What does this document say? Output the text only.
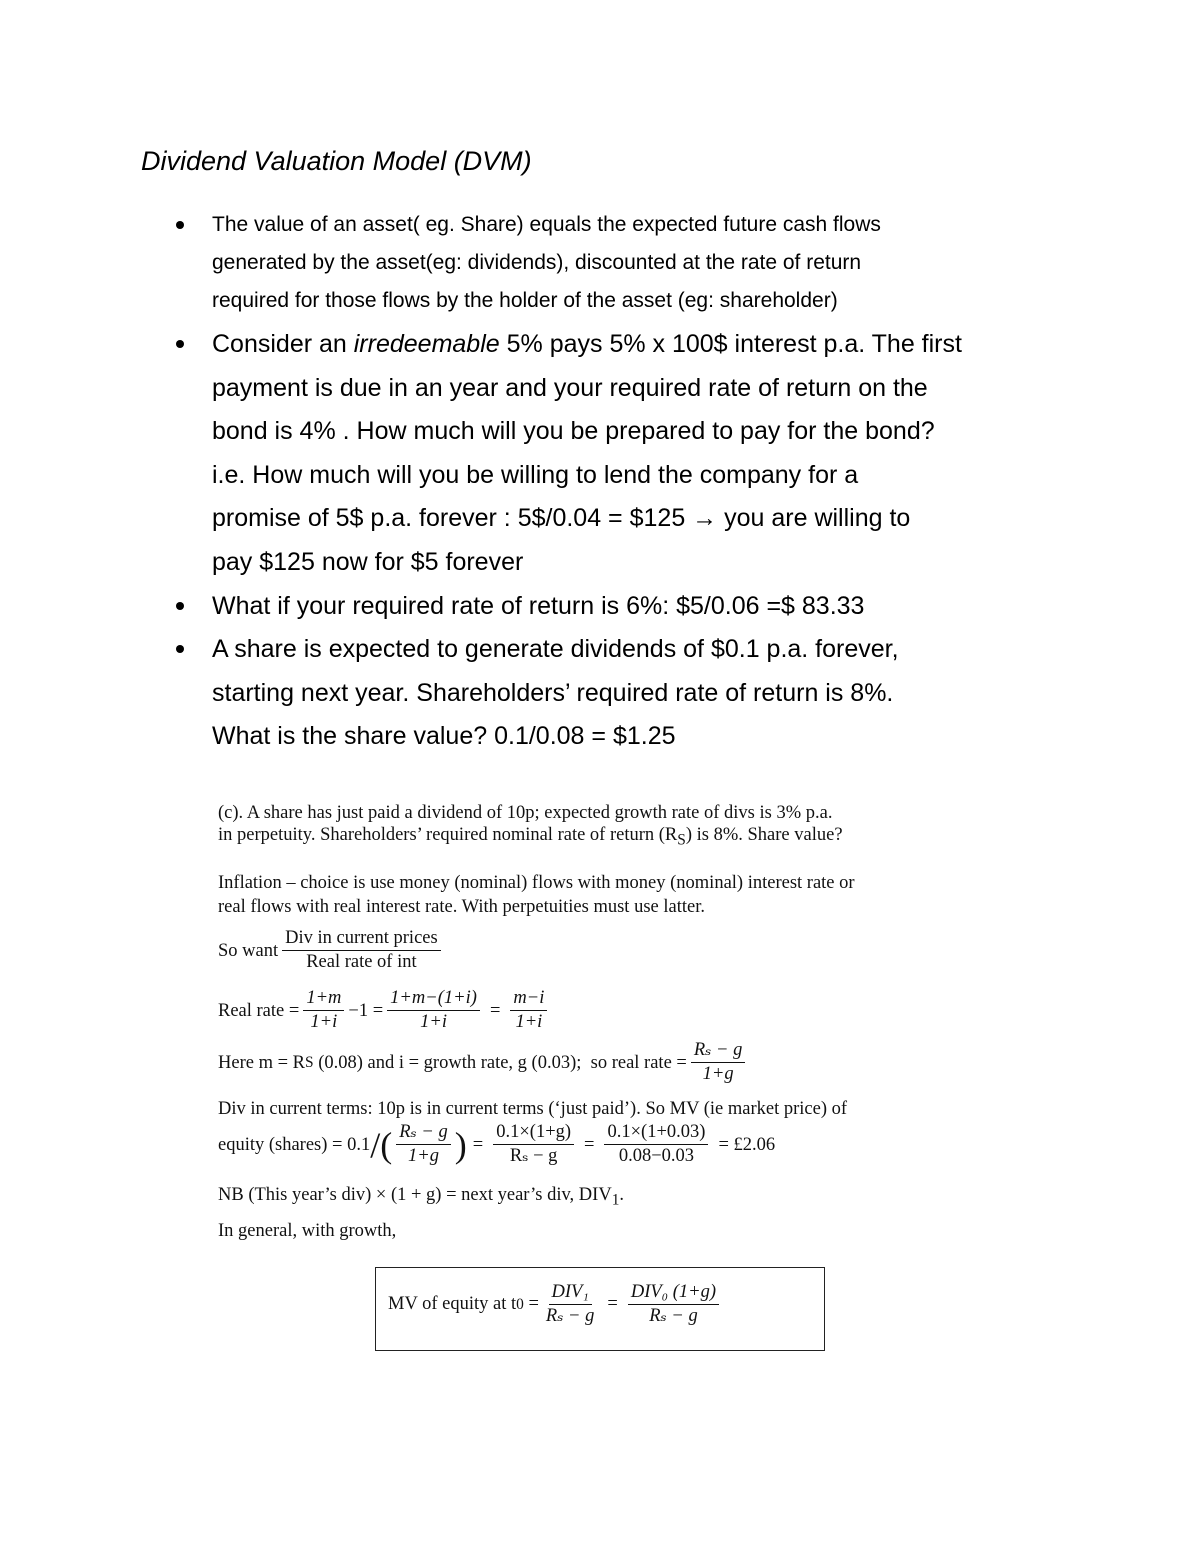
Dividend Valuation Model (DVM)
The value of an asset( eg. Share) equals the expected future cash flows
generated by the asset(eg: dividends), discounted at the rate of return
required for those flows by the holder of the asset (eg: shareholder)
Consider an irredeemable 5% pays 5% x 100$ interest p.a. The first
payment is due in an year and your required rate of return on the
bond is 4% . How much will you be prepared to pay for the bond?
i.e. How much will you be willing to lend the company for a
promise of 5$ p.a. forever : 5$/0.04 = $125 → you are willing to
pay $125 now for $5 forever
What if your required rate of return is 6%: $5/0.06 =$ 83.33
A share is expected to generate dividends of $0.1 p.a. forever,
starting next year. Shareholders’ required rate of return is 8%.
What is the share value? 0.1/0.08 = $1.25
(c). A share has just paid a dividend of 10p; expected growth rate of divs is 3% p.a.
in perpetuity. Shareholders’ required nominal rate of return $(R_S)$ is 8%. Share value?
Inflation – choice is use money (nominal) flows with money (nominal) interest rate or
real flows with real interest rate. With perpetuities must use latter.
So want $\frac{\text{Div in current prices}}{\text{Real rate of int}}$
Real rate = $\frac{1+m}{1+i} -1 = \frac{1+m-(1+i)}{1+i} = \frac{m-i}{1+i}$
Here m = R S (0.08) and i = growth rate, g (0.03);  so real rate = $\frac{\text{Rₛ − g}}{1+g}$
Div in current terms: 10p is in current terms (‘just paid’). So MV (ie market price) of
equity (shares) = 0.1 / ( $\frac{\text{Rₛ − g}}{1+g}$ ) = $\frac{0.1\times(1+g)}{\text{Rₛ − g}} = \frac{0.1\times(1+0.03)}{0.08-0.03}$ = £2.06
NB (This year’s div) × (1 + g) = next year’s div, $DIV_1$.
In general, with growth,
MV of equity at t $0 = \frac{\text{DIV₁}}{\text{Rₛ − g}} = \frac{\text{DIV₀ (1+g)}}{\text{Rₛ − g}}$
